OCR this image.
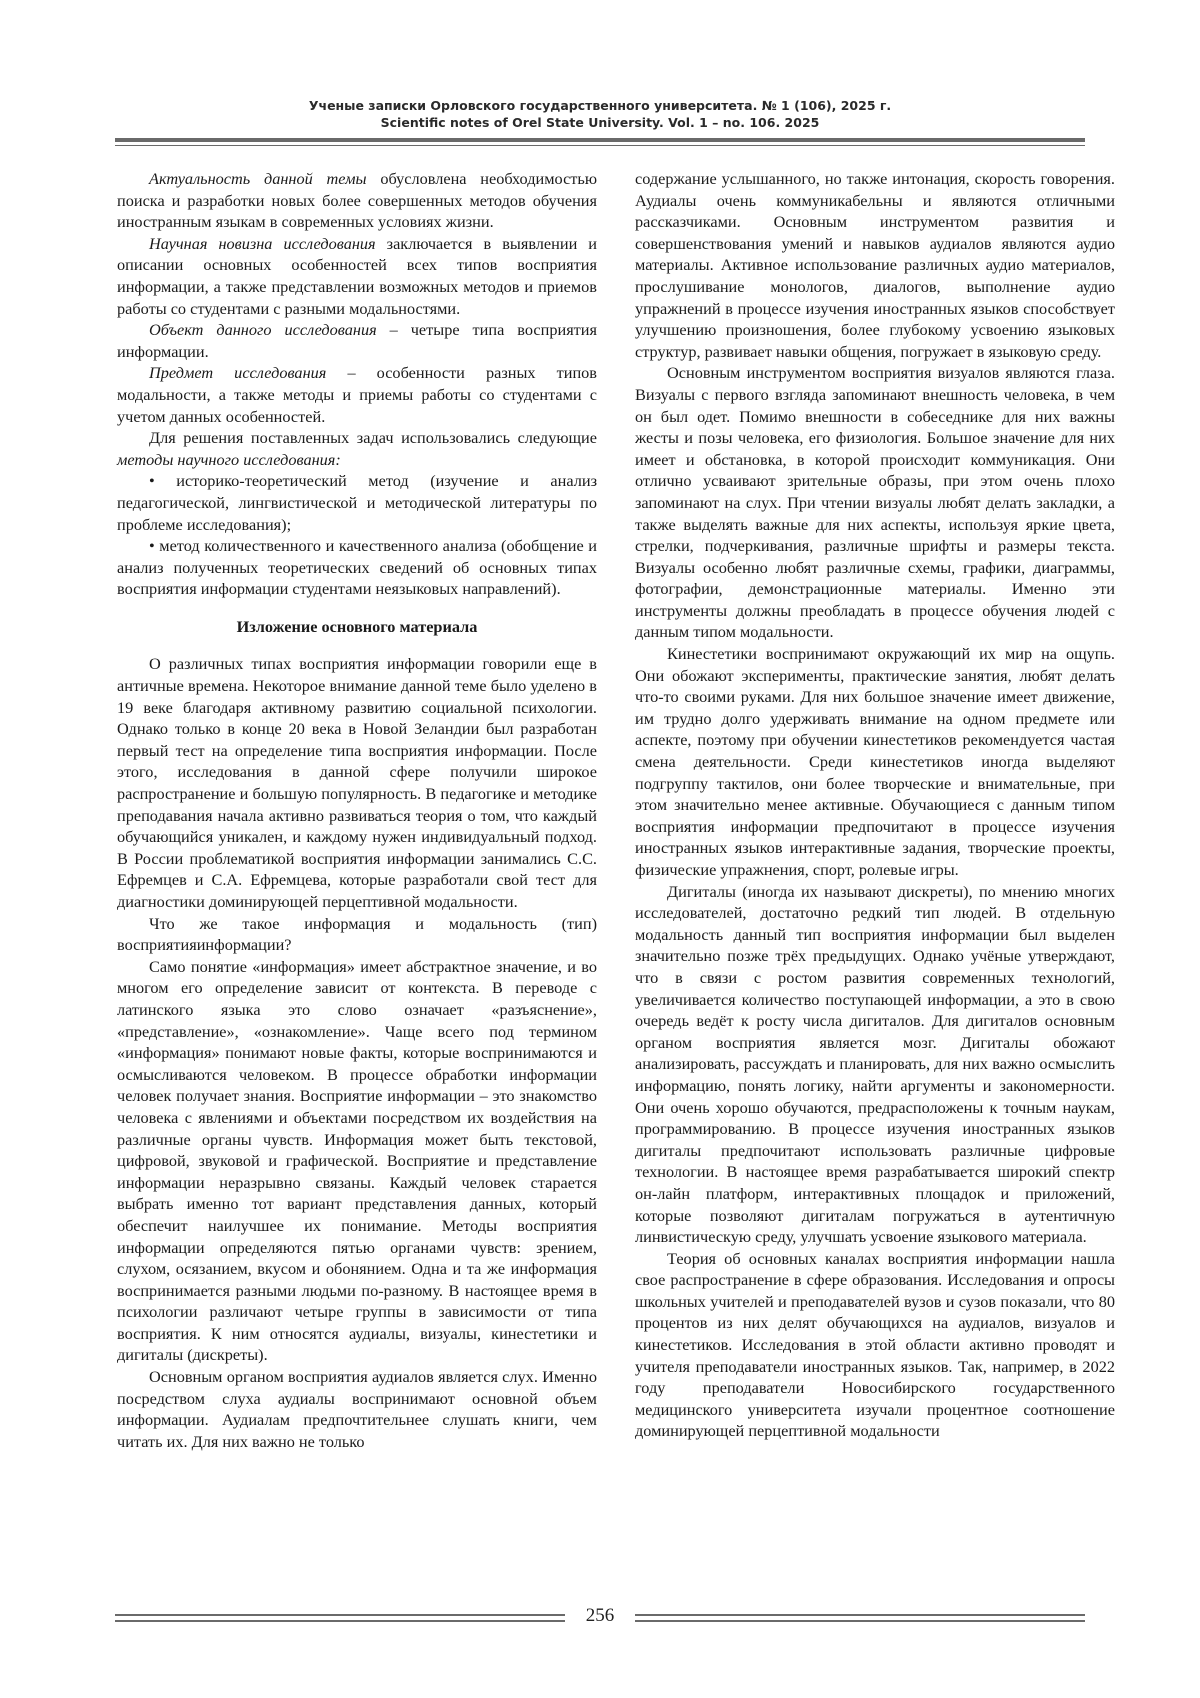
Ученые записки Орловского государственного университета. № 1 (106), 2025 г.
Scientific notes of Orel State University. Vol. 1 – no. 106. 2025

Актуальность данной темы обусловлена необходимостью поиска и разработки новых более совершенных методов обучения иностранным языкам в современных условиях жизни.

Научная новизна исследования заключается в выявлении и описании основных особенностей всех типов восприятия информации, а также представлении возможных методов и приемов работы со студентами с разными модальностями.

Объект данного исследования – четыре типа восприятия информации.

Предмет исследования – особенности разных типов модальности, а также методы и приемы работы со студентами с учетом данных особенностей.

Для решения поставленных задач использовались следующие методы научного исследования:

• историко-теоретический метод (изучение и анализ педагогической, лингвистической и методической литературы по проблеме исследования);

• метод количественного и качественного анализа (обобщение и анализ полученных теоретических сведений об основных типах восприятия информации студентами неязыковых направлений).

Изложение основного материала

О различных типах восприятия информации говорили еще в античные времена. Некоторое внимание данной теме было уделено в 19 веке благодаря активному развитию социальной психологии. Однако только в конце 20 века в Новой Зеландии был разработан первый тест на определение типа восприятия информации. После этого, исследования в данной сфере получили широкое распространение и большую популярность. В педагогике и методике преподавания начала активно развиваться теория о том, что каждый обучающийся уникален, и каждому нужен индивидуальный подход. В России проблематикой восприятия информации занимались С.С. Ефремцев и С.А. Ефремцева, которые разработали свой тест для диагностики доминирующей перцептивной модальности.

Что же такое информация и модальность (тип) восприятияинформации?

Само понятие «информация» имеет абстрактное значение, и во многом его определение зависит от контекста. В переводе с латинского языка это слово означает «разъяснение», «представление», «ознакомление». Чаще всего под термином «информация» понимают новые факты, которые воспринимаются и осмысливаются человеком. В процессе обработки информации человек получает знания. Восприятие информации – это знакомство человека с явлениями и объектами посредством их воздействия на различные органы чувств. Информация может быть текстовой, цифровой, звуковой и графической. Восприятие и представление информации неразрывно связаны. Каждый человек старается выбрать именно тот вариант представления данных, который обеспечит наилучшее их понимание. Методы восприятия информации определяются пятью органами чувств: зрением, слухом, осязанием, вкусом и обонянием. Одна и та же информация воспринимается разными людьми по-разному. В настоящее время в психологии различают четыре группы в зависимости от типа восприятия. К ним относятся аудиалы, визуалы, кинестетики и дигиталы (дискреты).

Основным органом восприятия аудиалов является слух. Именно посредством слуха аудиалы воспринимают основной объем информации. Аудиалам предпочтительнее слушать книги, чем читать их. Для них важно не только

содержание услышанного, но также интонация, скорость говорения. Аудиалы очень коммуникабельны и являются отличными рассказчиками. Основным инструментом развития и совершенствования умений и навыков аудиалов являются аудио материалы. Активное использование различных аудио материалов, прослушивание монологов, диалогов, выполнение аудио упражнений в процессе изучения иностранных языков способствует улучшению произношения, более глубокому усвоению языковых структур, развивает навыки общения, погружает в языковую среду.

Основным инструментом восприятия визуалов являются глаза. Визуалы с первого взгляда запоминают внешность человека, в чем он был одет. Помимо внешности в собеседнике для них важны жесты и позы человека, его физиология. Большое значение для них имеет и обстановка, в которой происходит коммуникация. Они отлично усваивают зрительные образы, при этом очень плохо запоминают на слух. При чтении визуалы любят делать закладки, а также выделять важные для них аспекты, используя яркие цвета, стрелки, подчеркивания, различные шрифты и размеры текста. Визуалы особенно любят различные схемы, графики, диаграммы, фотографии, демонстрационные материалы. Именно эти инструменты должны преобладать в процессе обучения людей с данным типом модальности.

Кинестетики воспринимают окружающий их мир на ощупь. Они обожают эксперименты, практические занятия, любят делать что-то своими руками. Для них большое значение имеет движение, им трудно долго удерживать внимание на одном предмете или аспекте, поэтому при обучении кинестетиков рекомендуется частая смена деятельности. Среди кинестетиков иногда выделяют подгруппу тактилов, они более творческие и внимательные, при этом значительно менее активные. Обучающиеся с данным типом восприятия информации предпочитают в процессе изучения иностранных языков интерактивные задания, творческие проекты, физические упражнения, спорт, ролевые игры.

Дигиталы (иногда их называют дискреты), по мнению многих исследователей, достаточно редкий тип людей. В отдельную модальность данный тип восприятия информации был выделен значительно позже трёх предыдущих. Однако учёные утверждают, что в связи с ростом развития современных технологий, увеличивается количество поступающей информации, а это в свою очередь ведёт к росту числа дигиталов. Для дигиталов основным органом восприятия является мозг. Дигиталы обожают анализировать, рассуждать и планировать, для них важно осмыслить информацию, понять логику, найти аргументы и закономерности. Они очень хорошо обучаются, предрасположены к точным наукам, программированию. В процессе изучения иностранных языков дигиталы предпочитают использовать различные цифровые технологии. В настоящее время разрабатывается широкий спектр он-лайн платформ, интерактивных площадок и приложений, которые позволяют дигиталам погружаться в аутентичную линвистическую среду, улучшать усвоение языкового материала.

Теория об основных каналах восприятия информации нашла свое распространение в сфере образования. Исследования и опросы школьных учителей и преподавателей вузов и сузов показали, что 80 процентов из них делят обучающихся на аудиалов, визуалов и кинестетиков. Исследования в этой области активно проводят и учителя преподаватели иностранных языков. Так, например, в 2022 году преподаватели Новосибирского государственного медицинского университета изучали процентное соотношение доминирующей перцептивной модальности

256
